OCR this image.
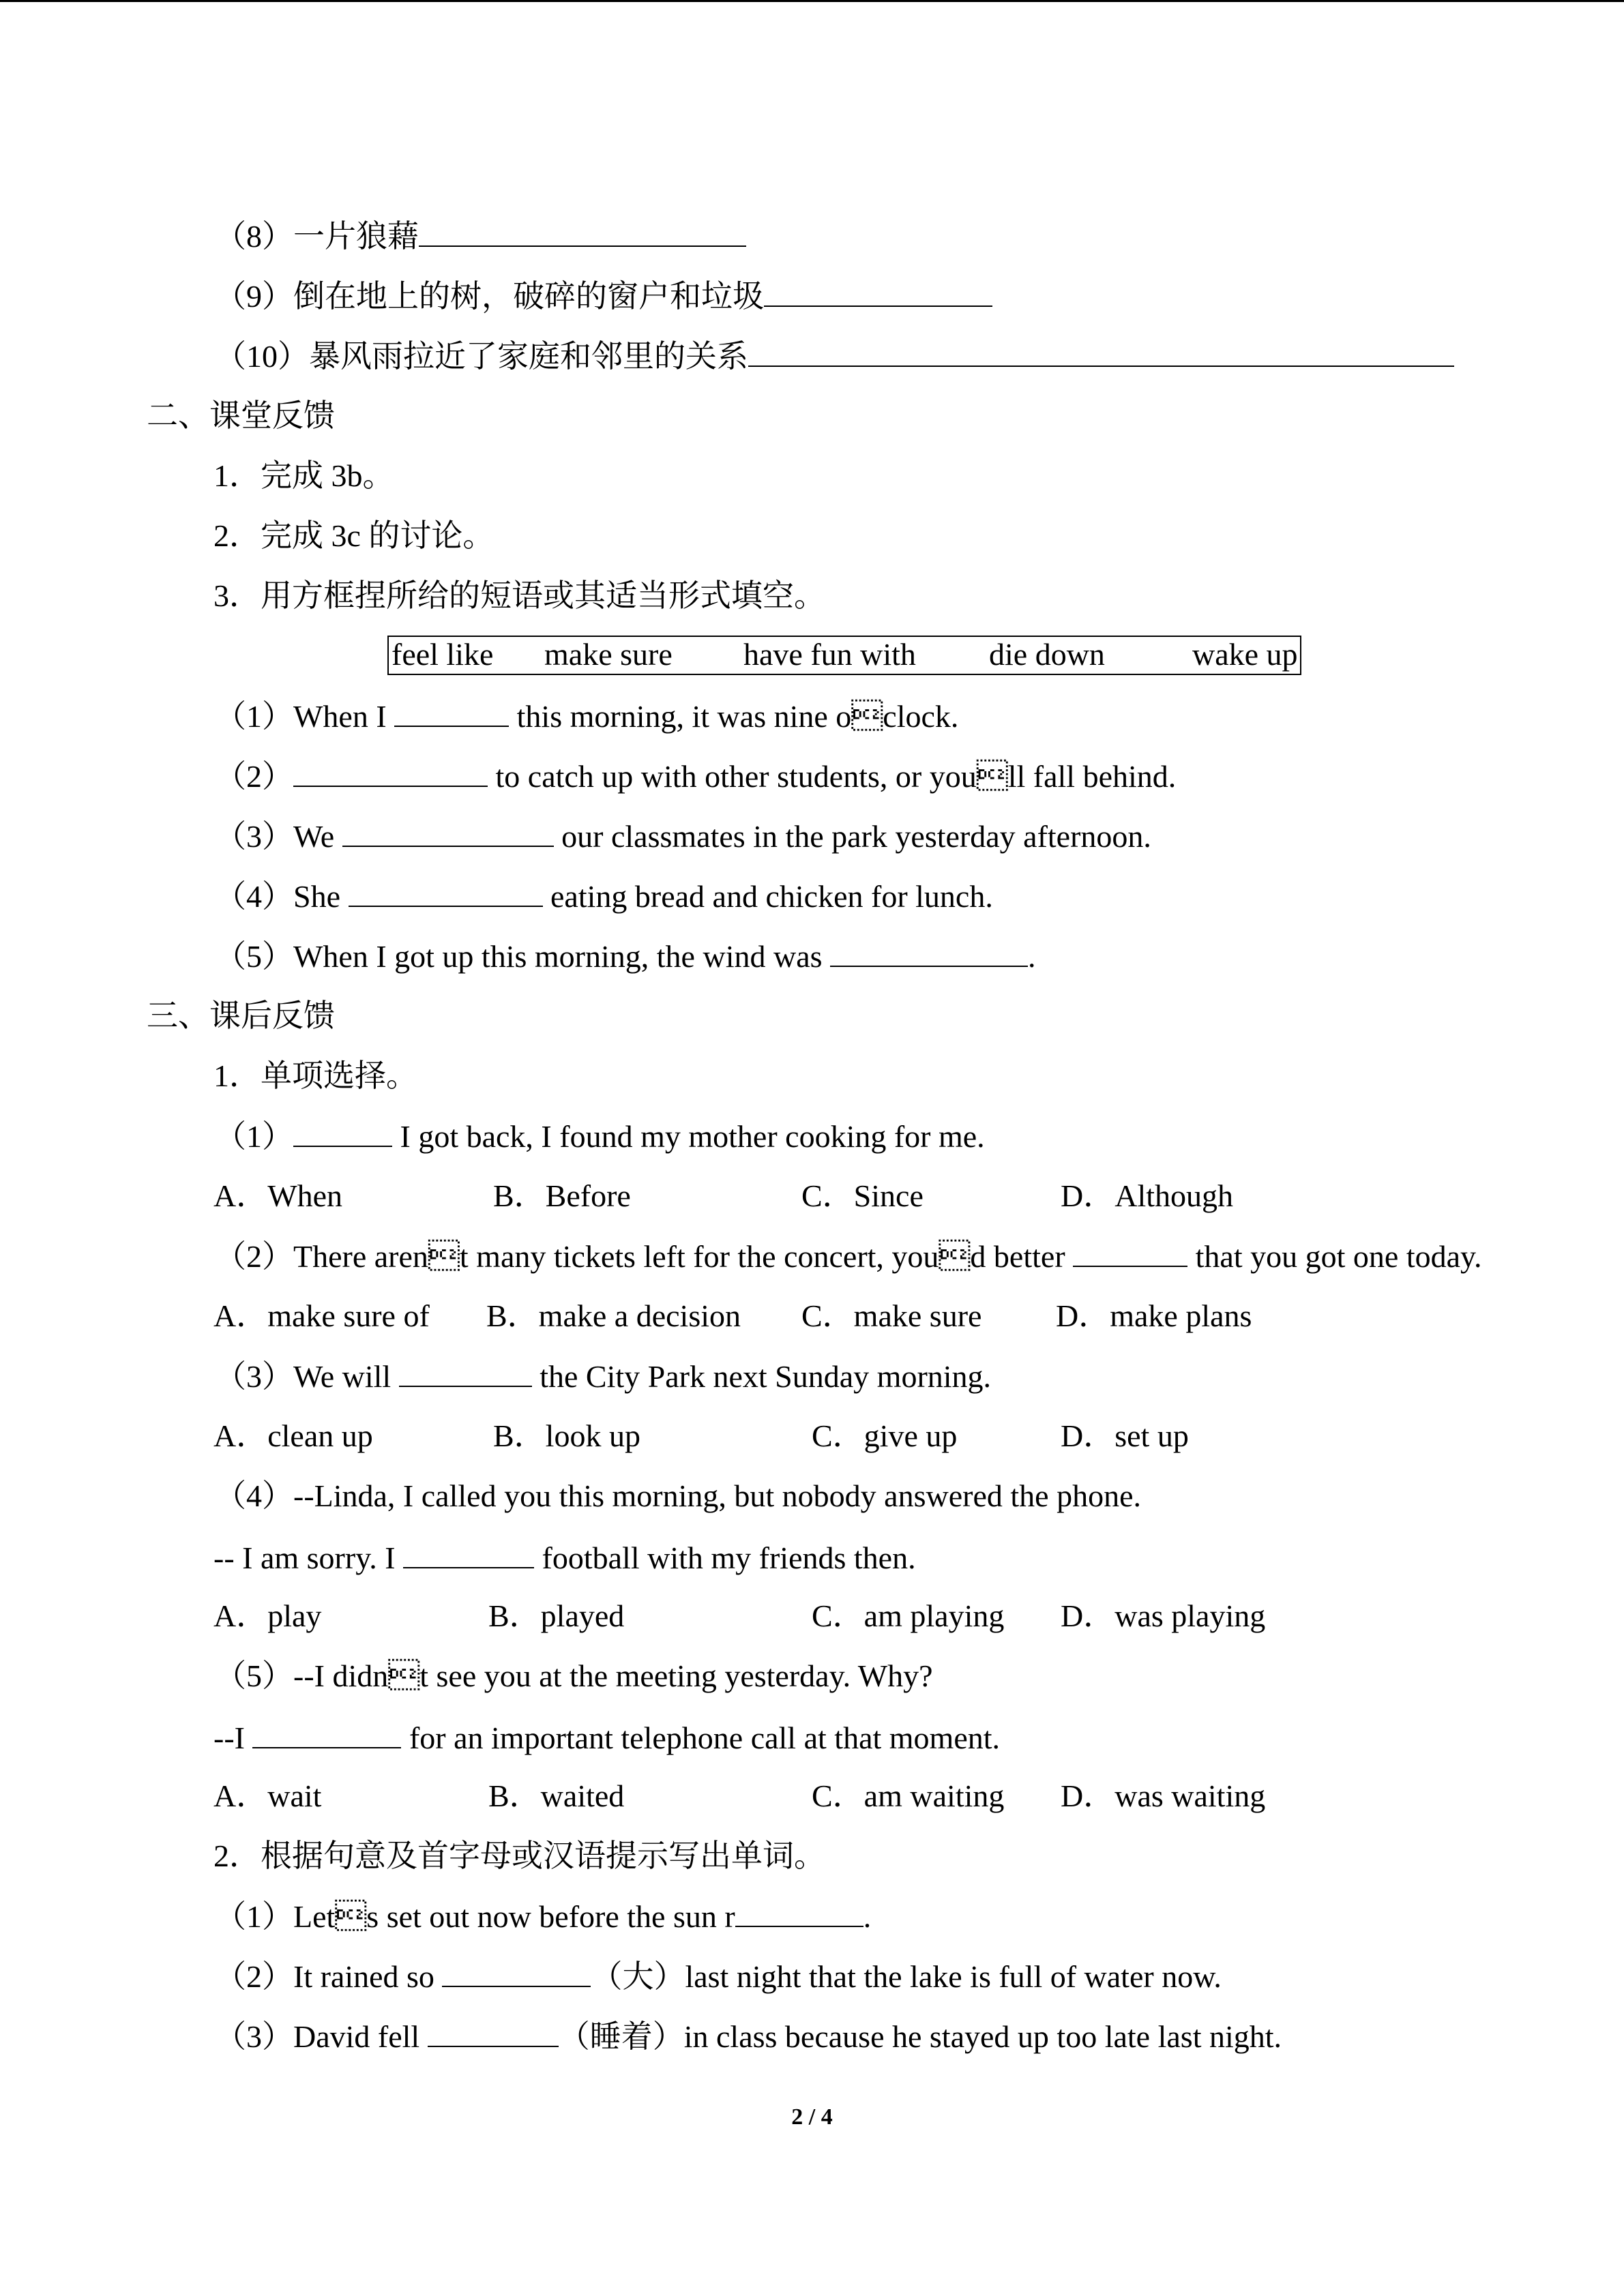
（8）一片狼藉
（9）倒在地上的树，破碎的窗户和垃圾
（10）暴风雨拉近了家庭和邻里的关系
二、课堂反馈
1．完成 3b。
2．完成 3c 的讨论。
3．用方框捏所给的短语或其适当形式填空。
feel like make sure have fun with die down	wake up
（1）When I	this morning, it was nine oclock.
（2）	to catch up with other students, or youll fall behind.
（3）We	our classmates in the park yesterday afternoon.
（4）She	eating bread and chicken for lunch.
（5）When I got up this morning, the wind was	.
三、课后反馈
1．单项选择。
（1）	I got back, I found my mother cooking for me.
A．When	B．Before	C．Since	D．Although
（2）There arent many tickets left for the concert, youd better	that you got one today.
A．make sure of B．make a decision C．make sure D．make plans
（3）We will	the City Park next Sunday morning.
A．clean up	B．look up	C．give up	D．set up
（4）--Linda, I called you this morning, but nobody answered the phone.
-- I am sorry. I	football with my friends then.
A．play	B．played	C．am playing D．was playing
（5）--I didnt see you at the meeting yesterday. Why?
--I	for an important telephone call at that moment.
A．wait	B．waited	C．am waiting D．was waiting
2．根据句意及首字母或汉语提示写出单词。
（1）Lets set out now before the sun r	.
（2）It rained so	（大）last night that the lake is full of water now.
（3）David fell	（睡着）in class because he stayed up too late last night.
2 / 4
